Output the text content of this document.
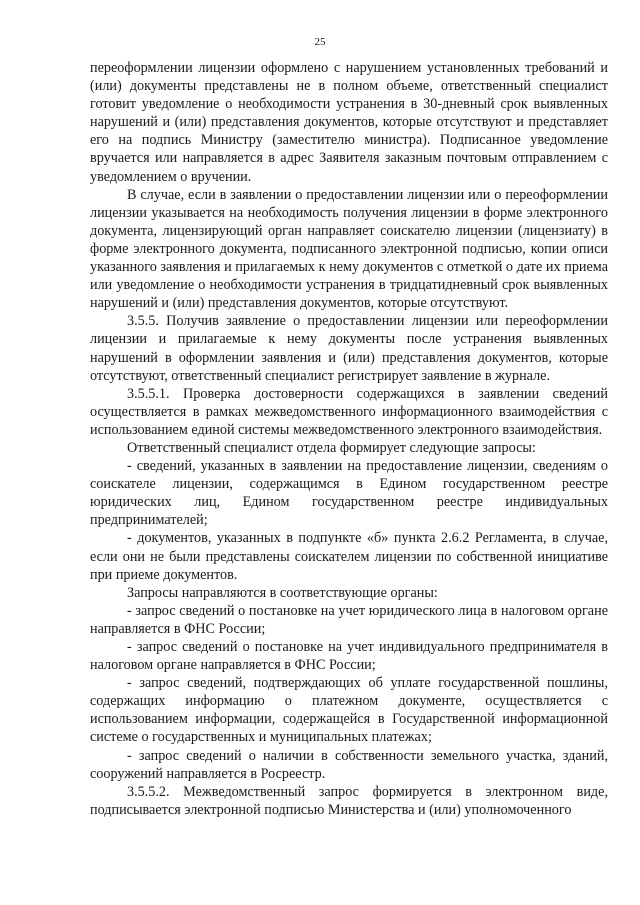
25

переоформлении лицензии оформлено с нарушением установленных требований и (или) документы представлены не в полном объеме, ответственный специалист готовит уведомление о необходимости устранения в 30-дневный срок выявленных нарушений и (или) представления документов, которые отсутствуют и представляет его на подпись Министру (заместителю министра). Подписанное уведомление вручается или направляется в адрес Заявителя заказным почтовым отправлением с уведомлением о вручении.

В случае, если в заявлении о предоставлении лицензии или о переоформлении лицензии указывается на необходимость получения лицензии в форме электронного документа, лицензирующий орган направляет соискателю лицензии (лицензиату) в форме электронного документа, подписанного электронной подписью, копии описи указанного заявления и прилагаемых к нему документов с отметкой о дате их приема или уведомление о необходимости устранения в тридцатидневный срок выявленных нарушений и (или) представления документов, которые отсутствуют.

3.5.5. Получив заявление о предоставлении лицензии или переоформлении лицензии и прилагаемые к нему документы после устранения выявленных нарушений в оформлении заявления и (или) представления документов, которые отсутствуют, ответственный специалист регистрирует заявление в журнале.

3.5.5.1. Проверка достоверности содержащихся в заявлении сведений осуществляется в рамках межведомственного информационного взаимодействия с использованием единой системы межведомственного электронного взаимодействия.

Ответственный специалист отдела формирует следующие запросы:

- сведений, указанных в заявлении на предоставление лицензии, сведениям о соискателе лицензии, содержащимся в Едином государственном реестре юридических лиц, Едином государственном реестре индивидуальных предпринимателей;

- документов, указанных в подпункте «б» пункта 2.6.2 Регламента, в случае, если они не были представлены соискателем лицензии по собственной инициативе при приеме документов.

Запросы направляются в соответствующие органы:

- запрос сведений о постановке на учет юридического лица в налоговом органе направляется в ФНС России;

- запрос сведений о постановке на учет индивидуального предпринимателя в налоговом органе направляется в ФНС России;

- запрос сведений, подтверждающих об уплате государственной пошлины, содержащих информацию о платежном документе, осуществляется с использованием информации, содержащейся в Государственной информационной системе о государственных и муниципальных платежах;

- запрос сведений о наличии в собственности земельного участка, зданий, сооружений направляется в Росреестр.

3.5.5.2. Межведомственный запрос формируется в электронном виде, подписывается электронной подписью Министерства и (или) уполномоченного
